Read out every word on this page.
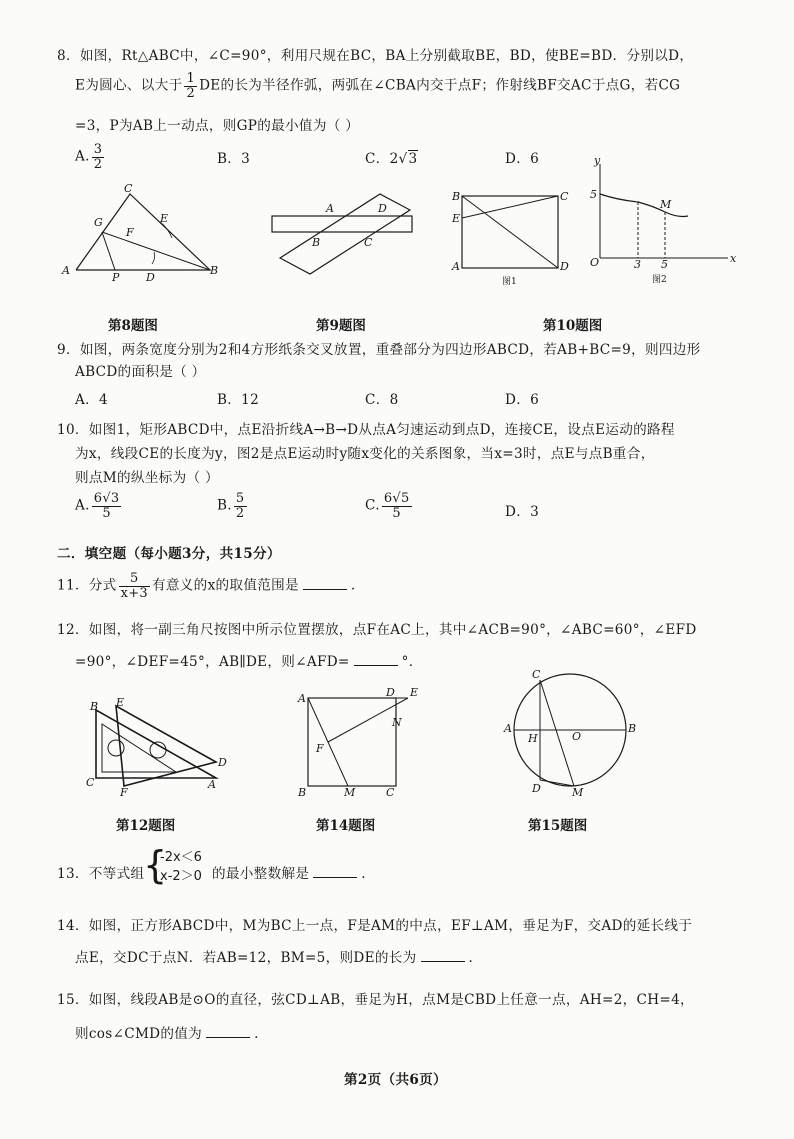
8．如图，Rt△ABC中，∠C=90°，利用尺规在BC，BA上分别截取BE，BD，使BE=BD．分别以D，
E为圆心、以大于 $\frac{1}{2}$ DE的长为半径作弧，两弧在∠CBA内交于点F；作射线BF交AC于点G，若CG
=3，P为AB上一动点，则GP的最小值为（ ）
A. $\frac{3}{2}$	B．3	C．2√3	D．6
C
G	E
F
A
P D
B
A	D
B	C
B
E
A
C
D
图1
5
O	3 5
M
x
y
图2
第8题图	第9题图	第10题图
9．如图，两条宽度分别为2和4方形纸条交叉放置，重叠部分为四边形ABCD，若AB+BC=9，则四边形
ABCD的面积是（ ）
A．4	B．12	C．8	D．6
10．如图1，矩形ABCD中，点E沿折线A→B→D从点A匀速运动到点D，连接CE，设点E运动的路程
为x，线段CE的长度为y，图2是点E运动时y随x变化的关系图象，当x=3时，点E与点B重合，
则点M的纵坐标为（ ）
A. $\frac{6√3}{5}$	B. $\frac{5}{2}$	C. $\frac{6√5}{5}$	D．3
二．填空题（每小题3分，共15分）
11．分式 $\frac{5}{x+3}$ 有意义的x的取值范围是	.
12．如图，将一副三角尺按图中所示位置摆放，点F在AC上，其中∠ACB=90°，∠ABC=60°，∠EFD
=90°，∠DEF=45°，AB∥DE，则∠AFD=	°．
B E
D
C
F
A
A	D E
N
F
B	M	C
C
A
H	O
B
D	M
第12题图	第14题图	第15题图
13．不等式组
{
-2x＜6
x-2＞0 的最小整数解是	.
14．如图，正方形ABCD中，M为BC上一点，F是AM的中点，EF⊥AM，垂足为F，交AD的延长线于
点E，交DC于点N．若AB=12，BM=5，则DE的长为	.
15．如图，线段AB是⊙O的直径，弦CD⊥AB，垂足为H，点M是CBD上任意一点，AH=2，CH=4，
则cos∠CMD的值为	.
第2页（共6页）
